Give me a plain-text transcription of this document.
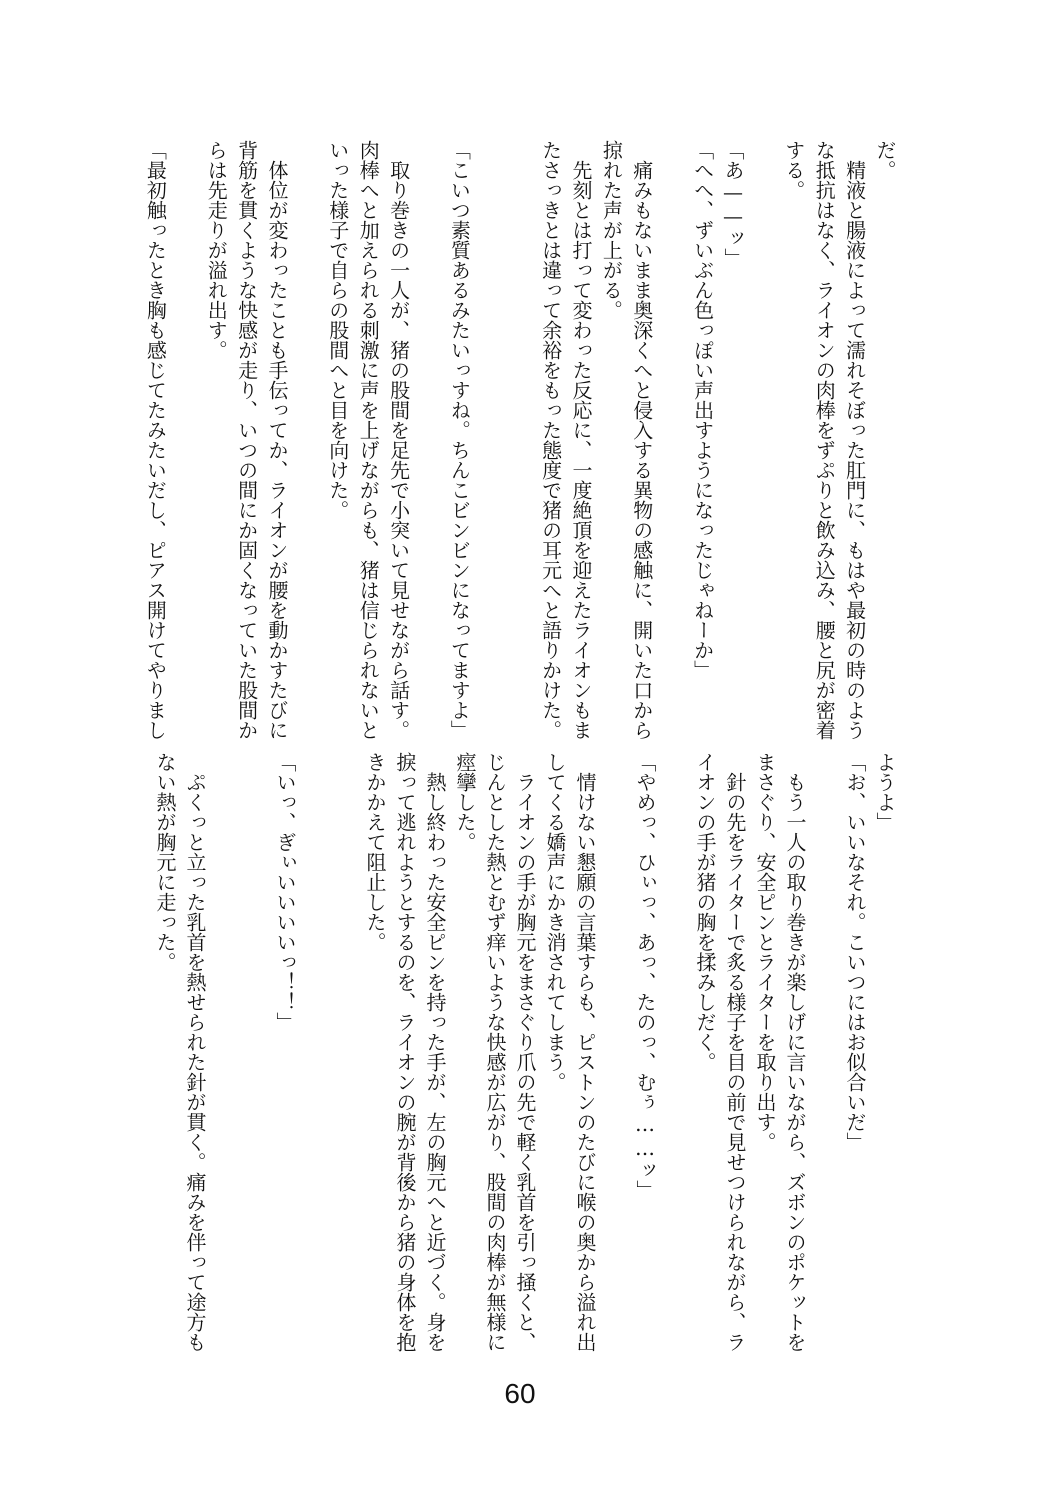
だ。
　精液と腸液によって濡れそぼった肛門に、もはや最初の時のよう
な抵抗はなく、ライオンの肉棒をずぷりと飲み込み、腰と尻が密着
する。
「あ——ッ」
「へへ、ずいぶん色っぽい声出すようになったじゃねーか」
　痛みもないまま奥深くへと侵入する異物の感触に、開いた口から
掠れた声が上がる。
　先刻とは打って変わった反応に、一度絶頂を迎えたライオンもま
たさっきとは違って余裕をもった態度で猪の耳元へと語りかけた。
「こいつ素質あるみたいっすね。ちんこビンビンになってますよ」
　取り巻きの一人が、猪の股間を足先で小突いて見せながら話す。
肉棒へと加えられる刺激に声を上げながらも、猪は信じられないと
いった様子で自らの股間へと目を向けた。
　体位が変わったことも手伝ってか、ライオンが腰を動かすたびに
背筋を貫くような快感が走り、いつの間にか固くなっていた股間か
らは先走りが溢れ出す。
「最初触ったとき胸も感じてたみたいだし、ピアス開けてやりまし
ようよ」
「お、いいなそれ。こいつにはお似合いだ」
　もう一人の取り巻きが楽しげに言いながら、ズボンのポケットを
まさぐり、安全ピンとライターを取り出す。
　針の先をライターで炙る様子を目の前で見せつけられながら、ラ
イオンの手が猪の胸を揉みしだく。
「やめっ、ひぃっ、あっ、たのっ、むぅ……ッ」
　情けない懇願の言葉すらも、ピストンのたびに喉の奥から溢れ出
してくる嬌声にかき消されてしまう。
　ライオンの手が胸元をまさぐり爪の先で軽く乳首を引っ掻くと、
じんとした熱とむず痒いような快感が広がり、股間の肉棒が無様に
痙攣した。
　熱し終わった安全ピンを持った手が、左の胸元へと近づく。身を
捩って逃れようとするのを、ライオンの腕が背後から猪の身体を抱
きかかえて阻止した。
「いっ、ぎぃいいいいっ！！」
　ぷくっと立った乳首を熱せられた針が貫く。痛みを伴って途方も
ない熱が胸元に走った。
60
